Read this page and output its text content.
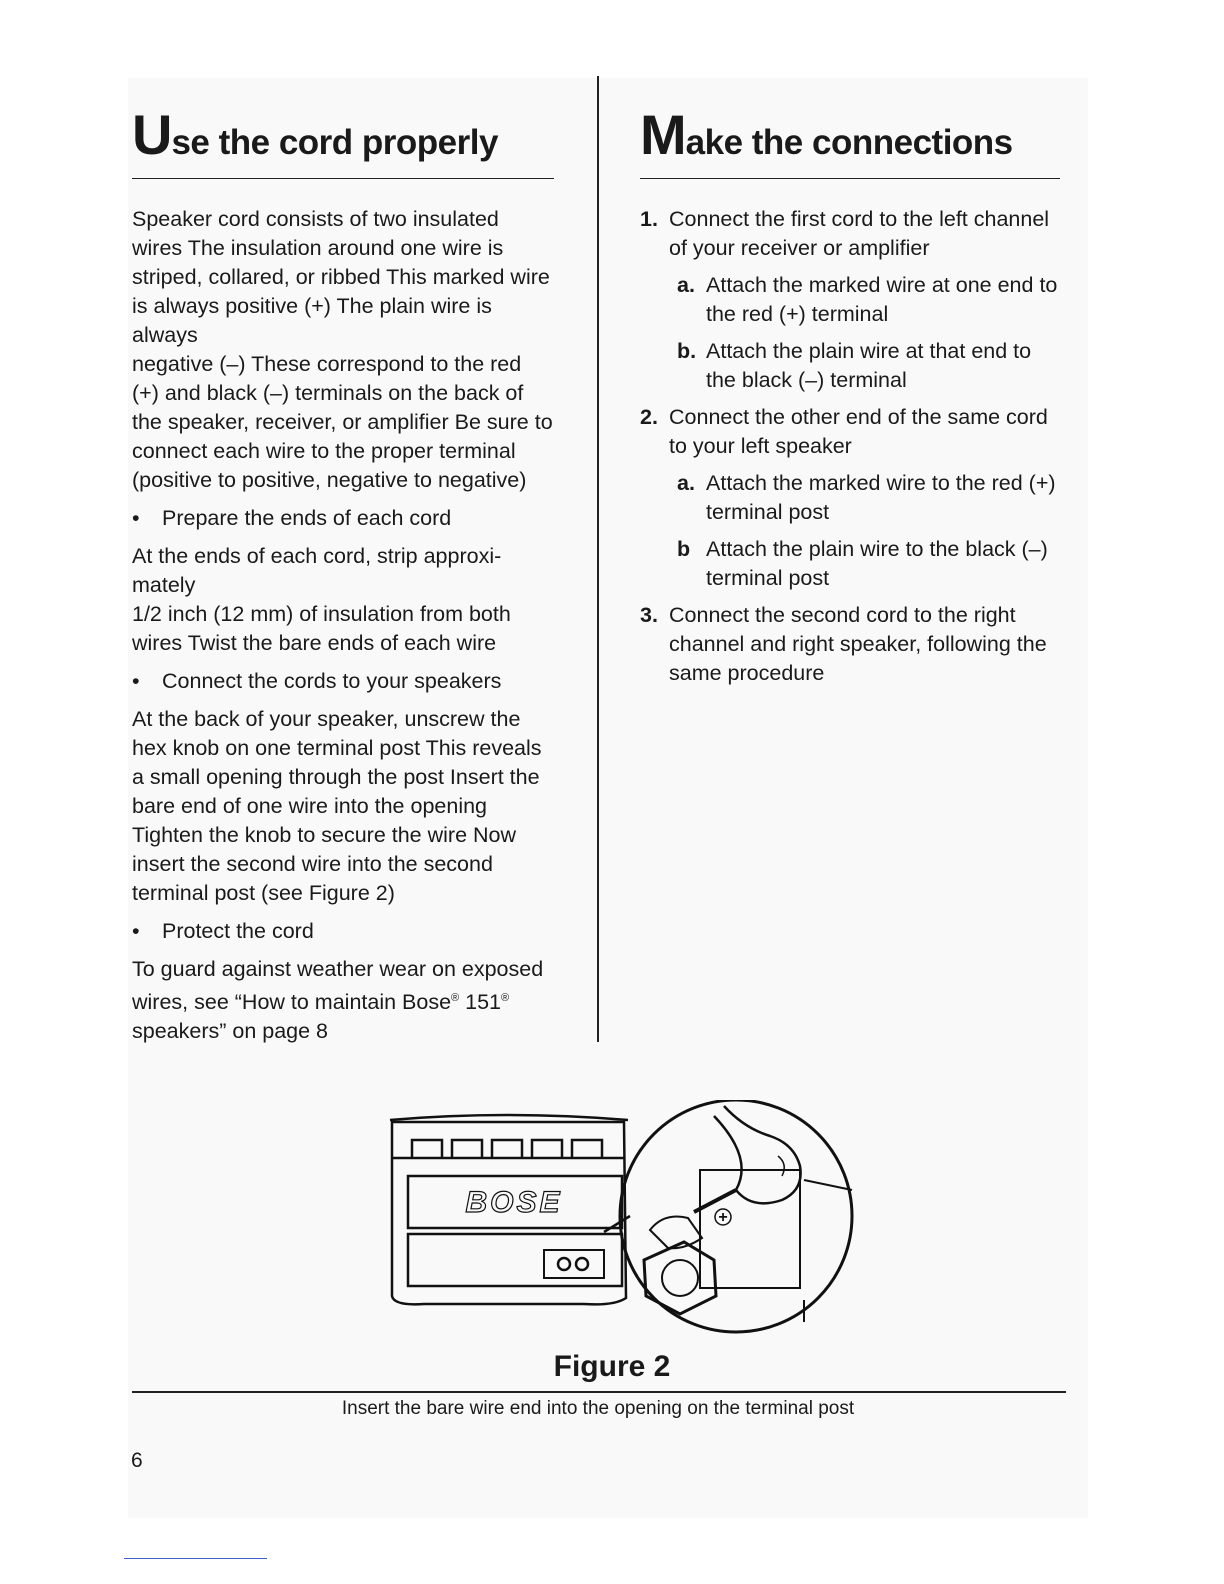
Use the cord properly

Speaker cord consists of two insulated wires The insulation around one wire is striped, collared, or ribbed This marked wire is always positive (+) The plain wire is always

negative (–) These correspond to the red (+) and black (–) terminals on the back of the speaker, receiver, or amplifier Be sure to connect each wire to the proper terminal (positive to positive, negative to negative)

•	Prepare the ends of each cord

At the ends of each cord, strip approxi-mately

1/2 inch (12 mm) of insulation from both wires Twist the bare ends of each wire

•	Connect the cords to your speakers

At the back of your speaker, unscrew the hex knob on one terminal post This reveals a small opening through the post Insert the bare end of one wire into the opening Tighten the knob to secure the wire Now insert the second wire into the second terminal post (see Figure 2)

•	Protect the cord

To guard against weather wear on exposed wires, see “How to maintain Bose® 151®
speakers” on page 8

Make the connections
1. Connect the first cord to the left channel of your receiver or amplifier
a. Attach the marked wire at one end to the red (+) terminal
b. Attach the plain wire at that end to the black (–) terminal
2. Connect the other end of the same cord to your left speaker
a. Attach the marked wire to the red (+) terminal post
b Attach the plain wire to the black (–) terminal post
3. Connect the second cord to the right channel and right speaker, following the same procedure
BOSE	+
Figure 2
Insert the bare wire end into the opening on the terminal post
6
